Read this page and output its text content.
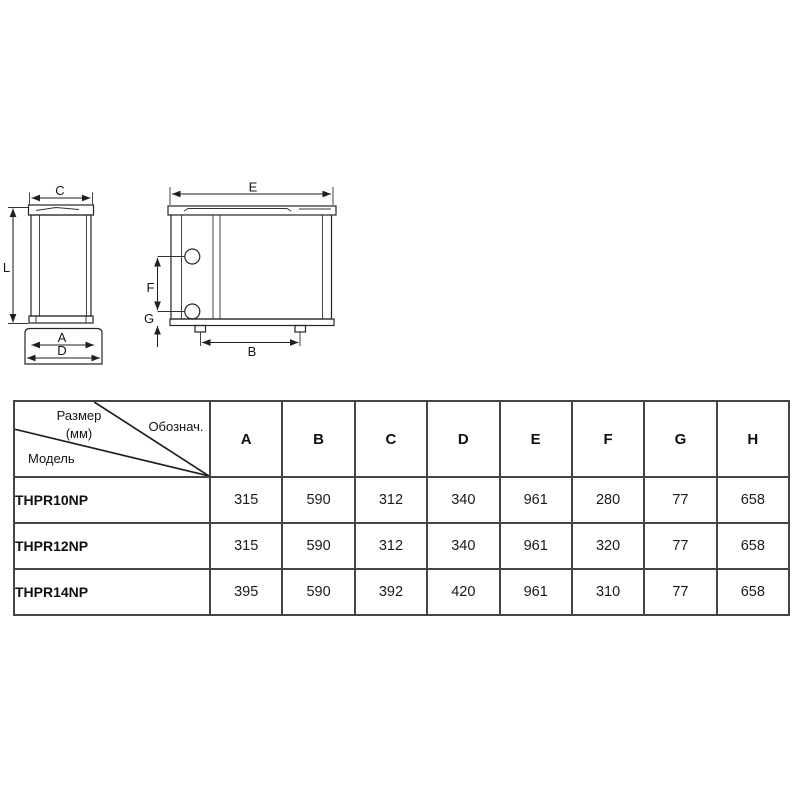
C
A
D
L
E
F
G
B
Размер
(мм) Обознач.
Модель	A	B	C	D	E	F	G	H
THPR10NP	315	590	312	340	961	280	77	658
THPR12NP	315	590	312	340	961	320	77	658
THPR14NP	395	590	392	420	961	310	77	658
